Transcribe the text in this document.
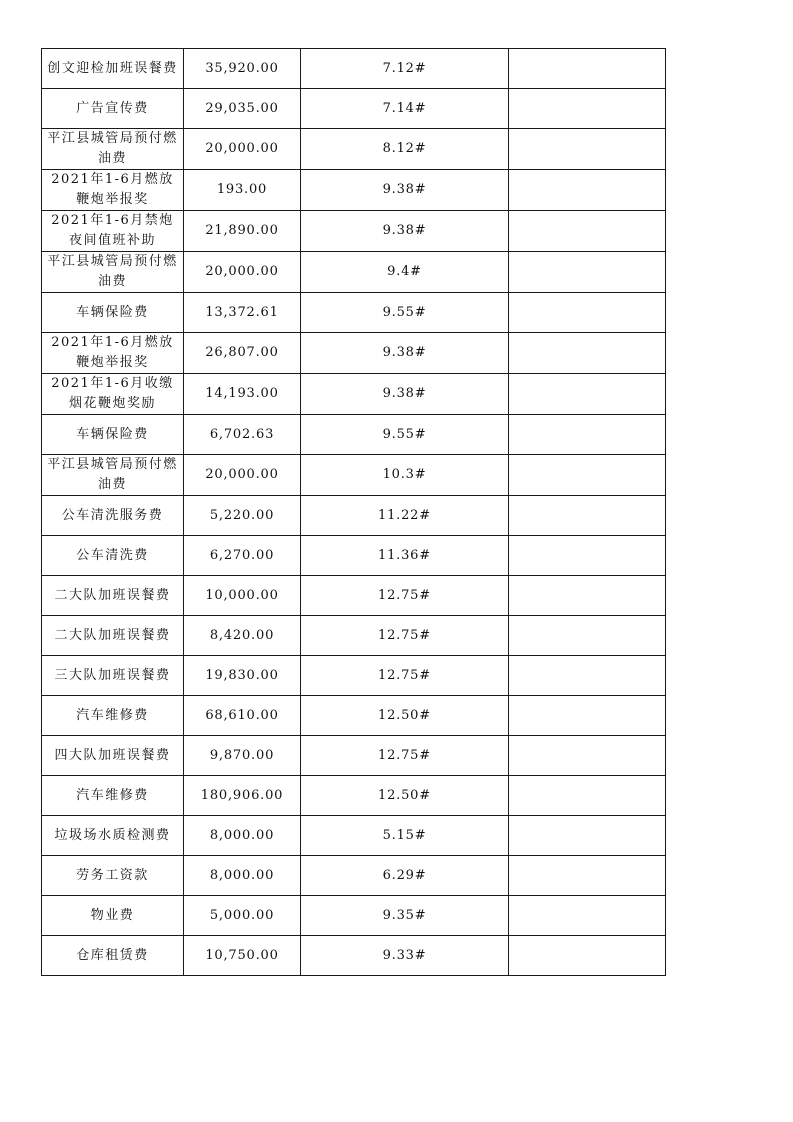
创文迎检加班误餐费	35,920.00	7.12#	
广告宣传费	29,035.00	7.14#	
平江县城管局预付燃油费	20,000.00	8.12#	
2021年1-6月燃放鞭炮举报奖	193.00	9.38#	
2021年1-6月禁炮夜间值班补助	21,890.00	9.38#	
平江县城管局预付燃油费	20,000.00	9.4#	
车辆保险费	13,372.61	9.55#	
2021年1-6月燃放鞭炮举报奖	26,807.00	9.38#	
2021年1-6月收缴烟花鞭炮奖励	14,193.00	9.38#	
车辆保险费	6,702.63	9.55#	
平江县城管局预付燃油费	20,000.00	10.3#	
公车清洗服务费	5,220.00	11.22#	
公车清洗费	6,270.00	11.36#	
二大队加班误餐费	10,000.00	12.75#	
二大队加班误餐费	8,420.00	12.75#	
三大队加班误餐费	19,830.00	12.75#	
汽车维修费	68,610.00	12.50#	
四大队加班误餐费	9,870.00	12.75#	
汽车维修费	180,906.00	12.50#	
垃圾场水质检测费	8,000.00	5.15#	
劳务工资款	8,000.00	6.29#	
物业费	5,000.00	9.35#	
仓库租赁费	10,750.00	9.33#	
